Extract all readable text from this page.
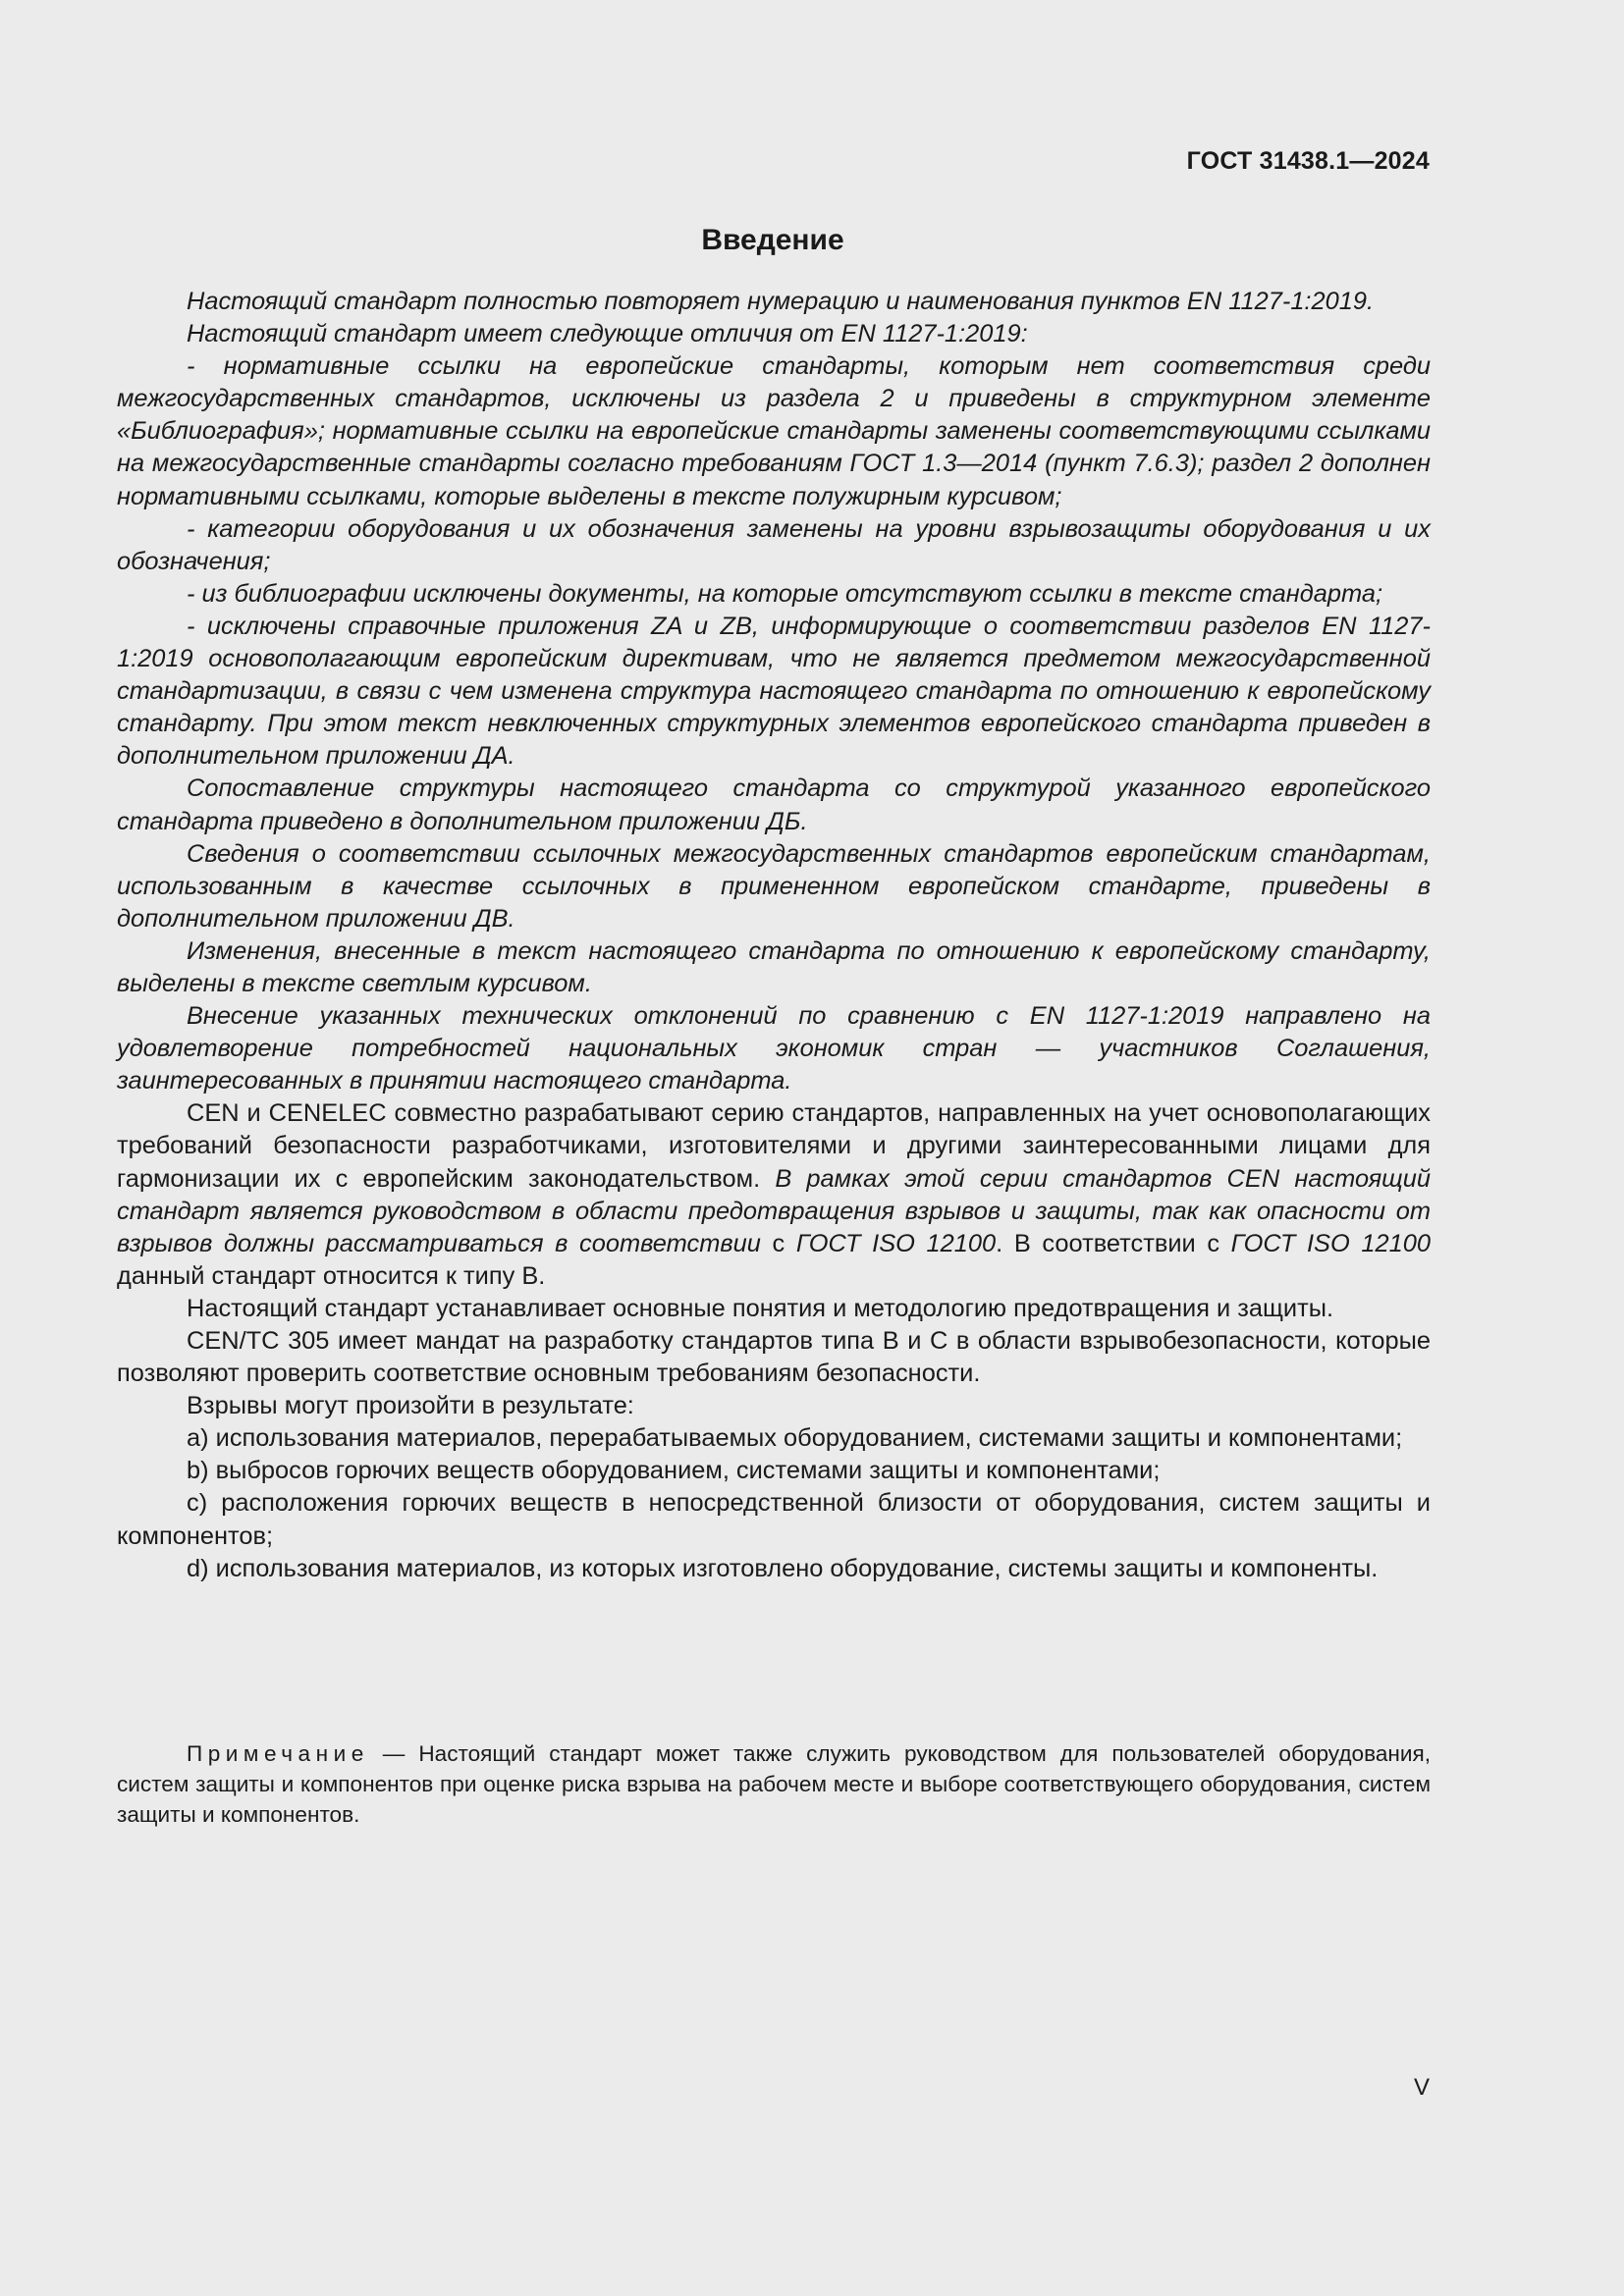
ГОСТ 31438.1—2024
Введение

Настоящий стандарт полностью повторяет нумерацию и наименования пунктов EN 1127-1:2019.

Настоящий стандарт имеет следующие отличия от EN 1127-1:2019:

- нормативные ссылки на европейские стандарты, которым нет соответствия среди межгосударственных стандартов, исключены из раздела 2 и приведены в структурном элементе «Библиография»; нормативные ссылки на европейские стандарты заменены соответствующими ссылками на межгосударственные стандарты согласно требованиям ГОСТ 1.3—2014 (пункт 7.6.3); раздел 2 дополнен нормативными ссылками, которые выделены в тексте полужирным курсивом;

- категории оборудования и их обозначения заменены на уровни взрывозащиты оборудования и их обозначения;

- из библиографии исключены документы, на которые отсутствуют ссылки в тексте стандарта;

- исключены справочные приложения ZA и ZB, информирующие о соответствии разделов EN 1127-1:2019 основополагающим европейским директивам, что не является предметом межгосударственной стандартизации, в связи с чем изменена структура настоящего стандарта по отношению к европейскому стандарту. При этом текст невключенных структурных элементов европейского стандарта приведен в дополнительном приложении ДА.

Сопоставление структуры настоящего стандарта со структурой указанного европейского стандарта приведено в дополнительном приложении ДБ.

Сведения о соответствии ссылочных межгосударственных стандартов европейским стандартам, использованным в качестве ссылочных в примененном европейском стандарте, приведены в дополнительном приложении ДВ.

Изменения, внесенные в текст настоящего стандарта по отношению к европейскому стандарту, выделены в тексте светлым курсивом.

Внесение указанных технических отклонений по сравнению с EN 1127-1:2019 направлено на удовлетворение потребностей национальных экономик стран — участников Соглашения, заинтересованных в принятии настоящего стандарта.

CEN и CENELEC совместно разрабатывают серию стандартов, направленных на учет основополагающих требований безопасности разработчиками, изготовителями и другими заинтересованными лицами для гармонизации их с европейским законодательством. В рамках этой серии стандартов CEN настоящий стандарт является руководством в области предотвращения взрывов и защиты, так как опасности от взрывов должны рассматриваться в соответствии с ГОСТ ISO 12100. В соответствии с ГОСТ ISO 12100 данный стандарт относится к типу В.

Настоящий стандарт устанавливает основные понятия и методологию предотвращения и защиты.

CEN/TC 305 имеет мандат на разработку стандартов типа В и С в области взрывобезопасности, которые позволяют проверить соответствие основным требованиям безопасности.

Взрывы могут произойти в результате:

a) использования материалов, перерабатываемых оборудованием, системами защиты и компонентами;

b) выбросов горючих веществ оборудованием, системами защиты и компонентами;

c) расположения горючих веществ в непосредственной близости от оборудования, систем защиты и компонентов;

d) использования материалов, из которых изготовлено оборудование, системы защиты и компоненты.

Примечание — Настоящий стандарт может также служить руководством для пользователей оборудования, систем защиты и компонентов при оценке риска взрыва на рабочем месте и выборе соответствующего оборудования, систем защиты и компонентов.
V
